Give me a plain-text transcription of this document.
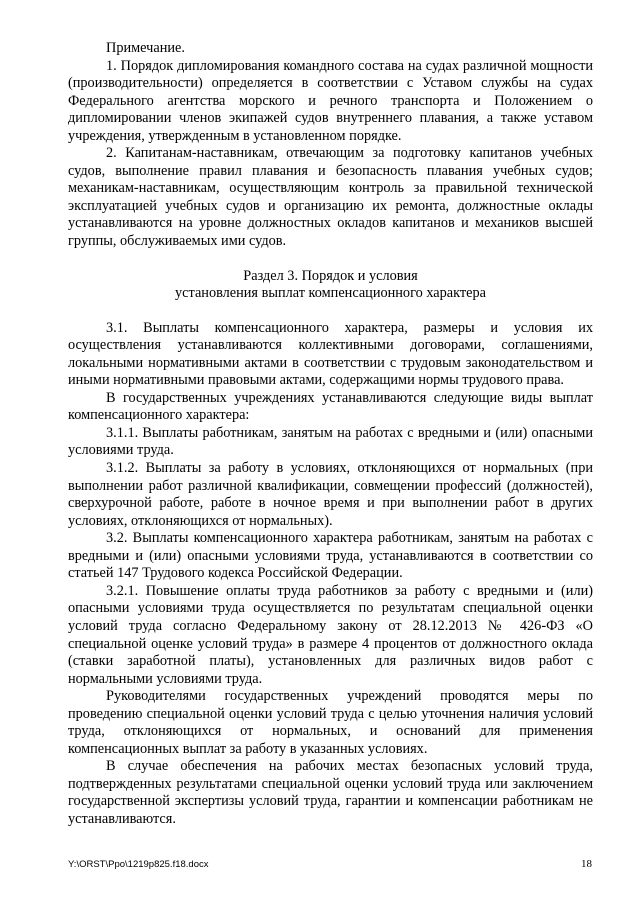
Примечание.

1. Порядок дипломирования командного состава на судах различной мощности (производительности) определяется в соответствии с Уставом службы на судах Федерального агентства морского и речного транспорта и Положением о дипломировании членов экипажей судов внутреннего плавания, а также уставом учреждения, утвержденным в установленном порядке.

2. Капитанам-наставникам, отвечающим за подготовку капитанов учебных судов, выполнение правил плавания и безопасность плавания учебных судов; механикам-наставникам, осуществляющим контроль за правильной технической эксплуатацией учебных судов и организацию их ремонта, должностные оклады устанавливаются на уровне должностных окладов капитанов и механиков высшей группы, обслуживаемых ими судов.

Раздел 3. Порядок и условия

установления выплат компенсационного характера

3.1. Выплаты компенсационного характера, размеры и условия их осуществления устанавливаются коллективными договорами, соглашениями, локальными нормативными актами в соответствии с трудовым законодательством и иными нормативными правовыми актами, содержащими нормы трудового права.

В государственных учреждениях устанавливаются следующие виды выплат компенсационного характера:

3.1.1. Выплаты работникам, занятым на работах с вредными и (или) опасными условиями труда.

3.1.2. Выплаты за работу в условиях, отклоняющихся от нормальных (при выполнении работ различной квалификации, совмещении профессий (должностей), сверхурочной работе, работе в ночное время и при выполнении работ в других условиях, отклоняющихся от нормальных).

3.2. Выплаты компенсационного характера работникам, занятым на работах с вредными и (или) опасными условиями труда, устанавливаются в соответствии со статьей 147 Трудового кодекса Российской Федерации.

3.2.1. Повышение оплаты труда работников за работу с вредными и (или) опасными условиями труда осуществляется по результатам специальной оценки условий труда согласно Федеральному закону от 28.12.2013 № 426-ФЗ «О специальной оценке условий труда» в размере 4 процентов от должностного оклада (ставки заработной платы), установленных для различных видов работ с нормальными условиями труда.

Руководителями государственных учреждений проводятся меры по проведению специальной оценки условий труда с целью уточнения наличия условий труда, отклоняющихся от нормальных, и оснований для применения компенсационных выплат за работу в указанных условиях.

В случае обеспечения на рабочих местах безопасных условий труда, подтвержденных результатами специальной оценки условий труда или заключением государственной экспертизы условий труда, гарантии и компенсации работникам не устанавливаются.

Y:\ORST\Ppo\1219p825.f18.docx	18
